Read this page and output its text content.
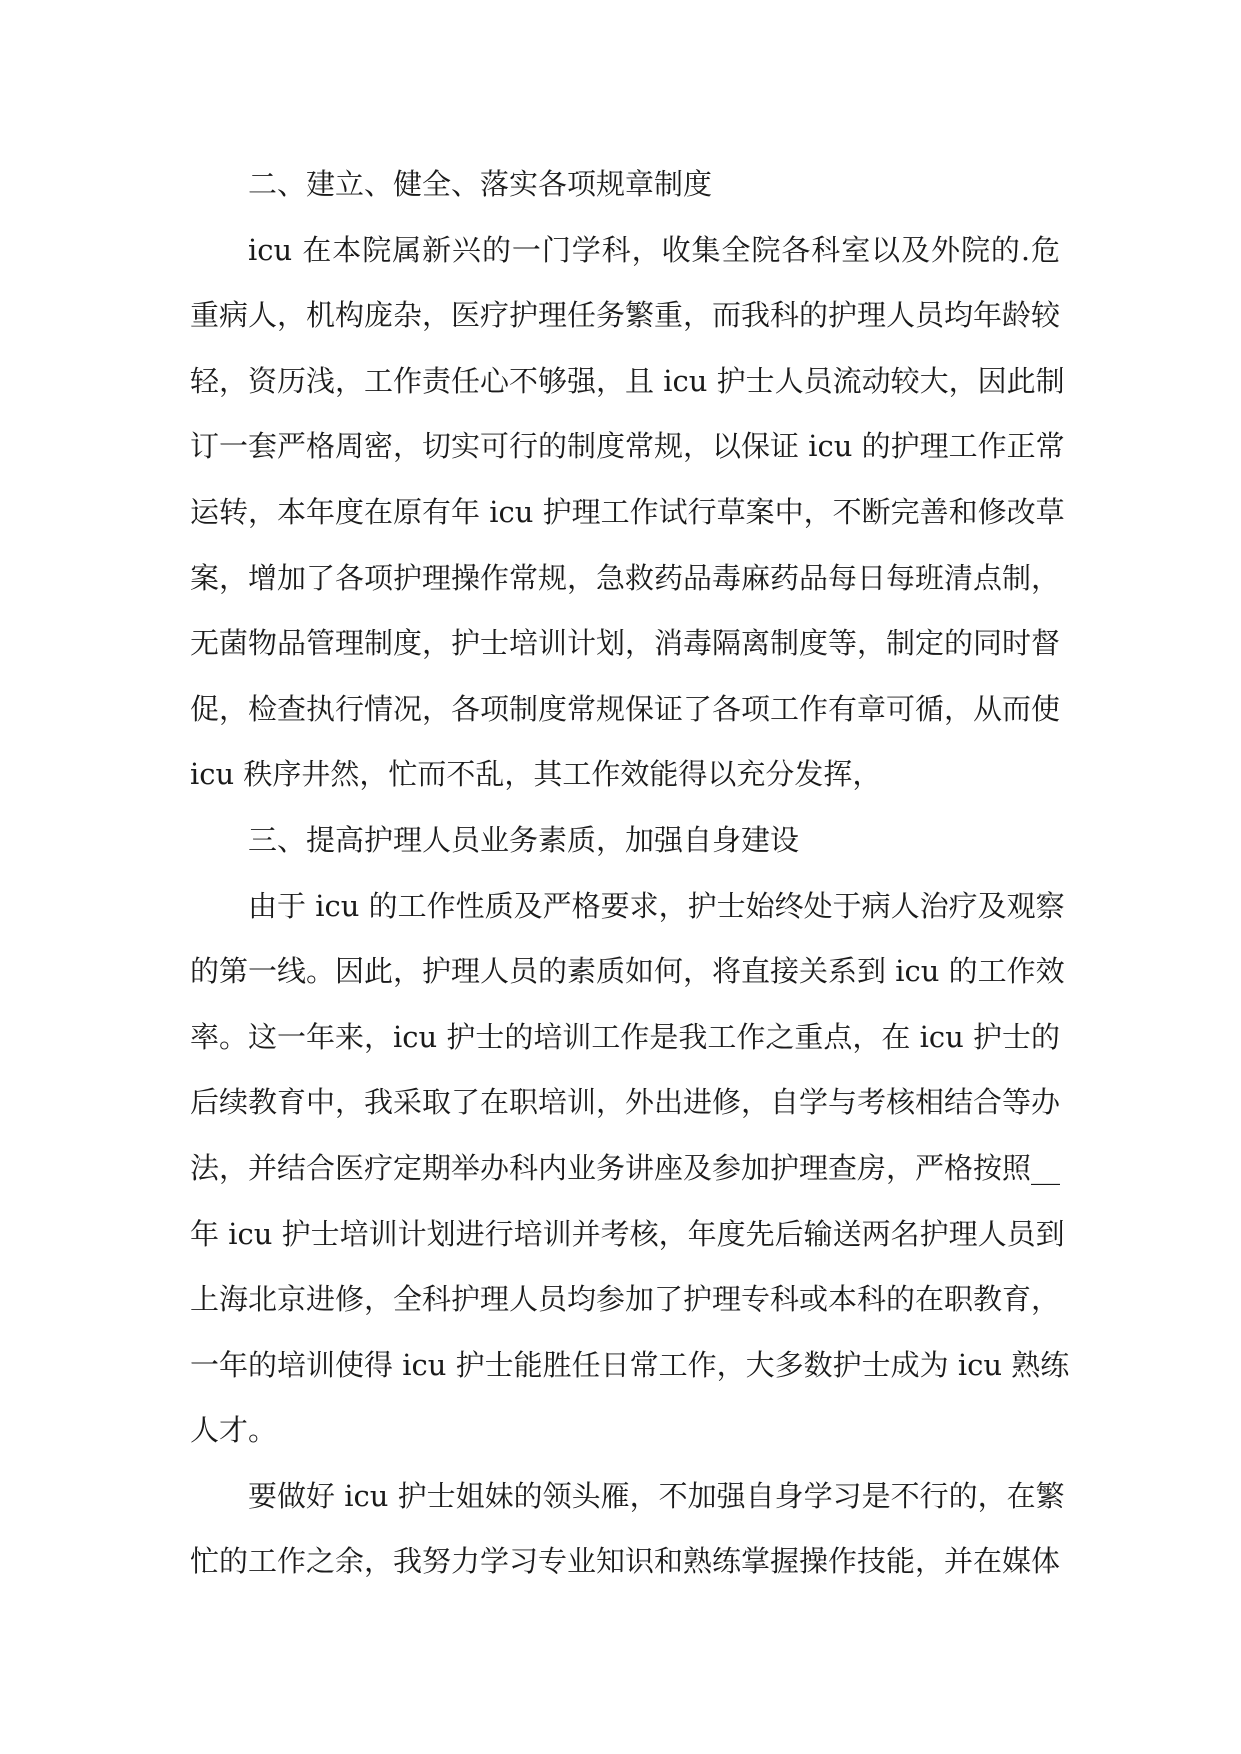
二、建立、健全、落实各项规章制度
icu 在本院属新兴的一门学科，收集全院各科室以及外院的.危
重病人，机构庞杂，医疗护理任务繁重，而我科的护理人员均年龄较
轻，资历浅，工作责任心不够强，且 icu 护士人员流动较大，因此制
订一套严格周密，切实可行的制度常规，以保证 icu 的护理工作正常
运转，本年度在原有年 icu 护理工作试行草案中，不断完善和修改草
案，增加了各项护理操作常规，急救药品毒麻药品每日每班清点制，
无菌物品管理制度，护士培训计划，消毒隔离制度等，制定的同时督
促，检查执行情况，各项制度常规保证了各项工作有章可循，从而使
icu 秩序井然，忙而不乱，其工作效能得以充分发挥，
三、提高护理人员业务素质，加强自身建设
由于 icu 的工作性质及严格要求，护士始终处于病人治疗及观察
的第一线。因此，护理人员的素质如何，将直接关系到 icu 的工作效
率。这一年来，icu 护士的培训工作是我工作之重点，在 icu 护士的
后续教育中，我采取了在职培训，外出进修，自学与考核相结合等办
法，并结合医疗定期举办科内业务讲座及参加护理查房，严格按照__
年 icu 护士培训计划进行培训并考核，年度先后输送两名护理人员到
上海北京进修，全科护理人员均参加了护理专科或本科的在职教育，
一年的培训使得 icu 护士能胜任日常工作，大多数护士成为 icu 熟练
人才。
要做好 icu 护士姐妹的领头雁，不加强自身学习是不行的，在繁
忙的工作之余，我努力学习专业知识和熟练掌握操作技能，并在媒体
